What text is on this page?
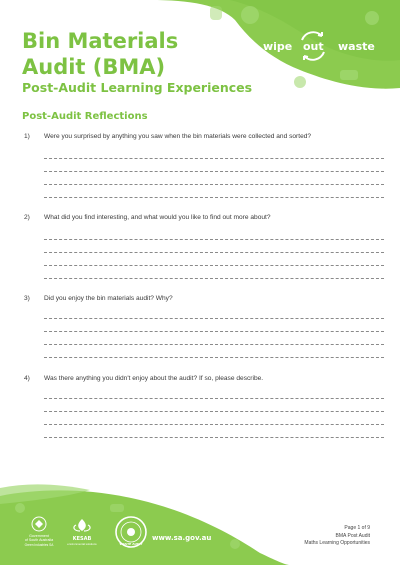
Bin Materials
Audit (BMA)
Post-Audit Learning Experiences
wipe out waste
Post-Audit Reflections
1)	Were you surprised by anything you saw when the bin materials were collected and sorted?
2)	What did you find interesting, and what would you like to find out more about?
3)	Did you enjoy the bin materials audit? Why?
4)	Was there anything you didn't enjoy about the audit? If so, please describe.
Government
of South Australia
Green Industries SA
KESAB
environmental solutions	WASTE AUDIT
www.sa.gov.au
Page 1 of 9
BMA Post Audit
Maths Learning Opportunities
